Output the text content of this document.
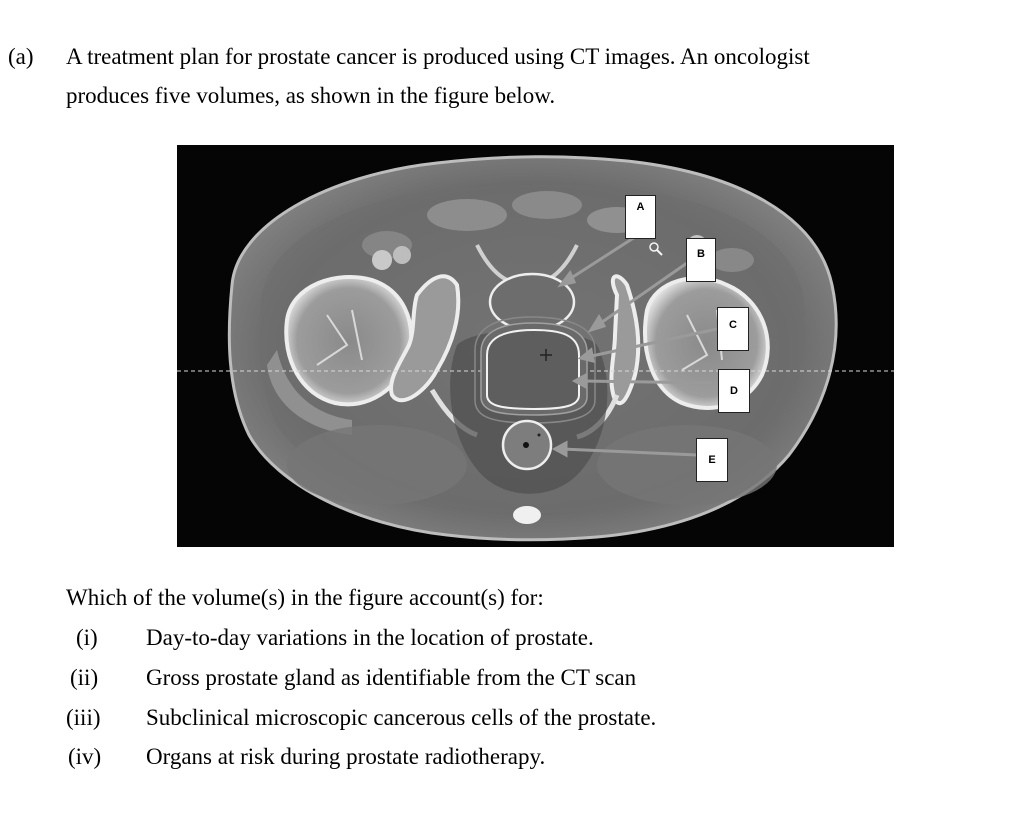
(a) A treatment plan for prostate cancer is produced using CT images. An oncologist
produces five volumes, as shown in the figure below.
A
B
C
D
E
Which of the volume(s) in the figure account(s) for:
(i) Day-to-day variations in the location of prostate.
(ii) Gross prostate gland as identifiable from the CT scan
(iii) Subclinical microscopic cancerous cells of the prostate.
(iv) Organs at risk during prostate radiotherapy.
